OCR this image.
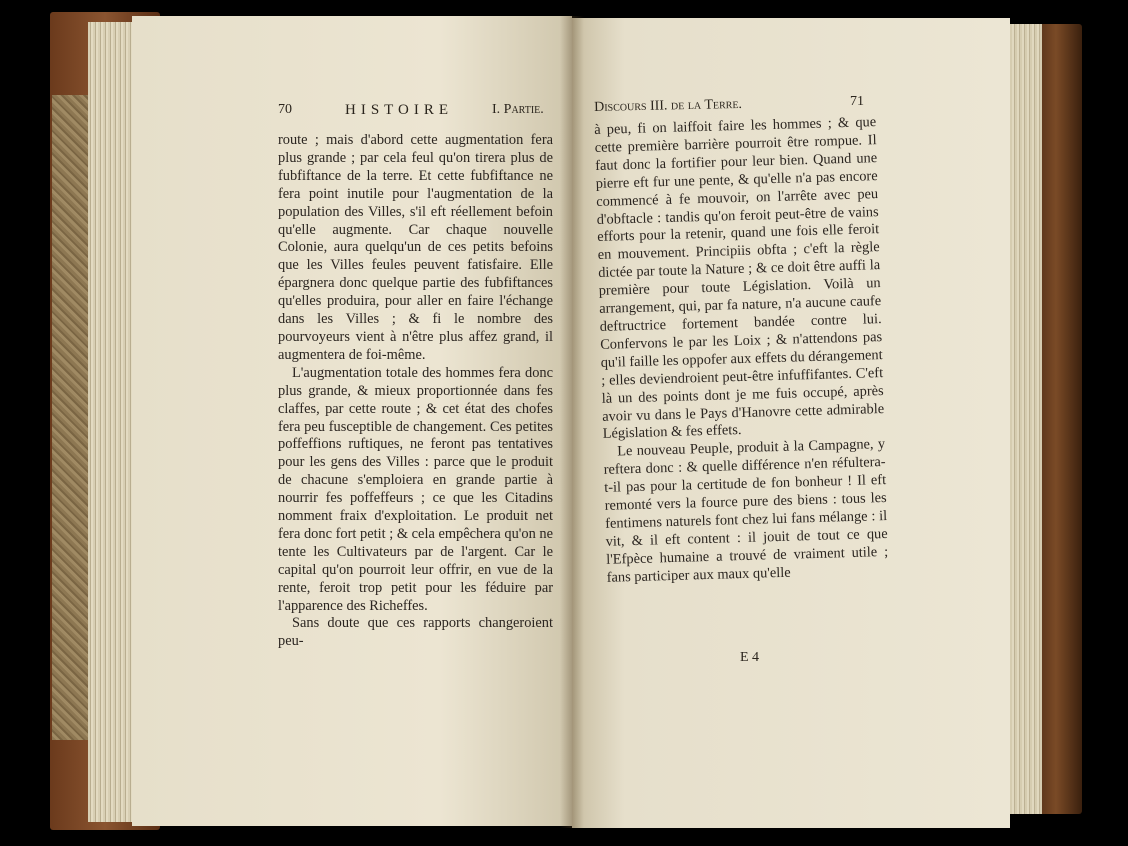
70	HISTOIRE	I. Partie.

route ; mais d'abord cette augmentation fera plus grande ; par cela feul qu'on tirera plus de fubfiftance de la terre. Et cette fubfiftance ne fera point inutile pour l'augmentation de la population des Villes, s'il eft réellement befoin qu'elle augmente. Car chaque nouvelle Colonie, aura quelqu'un de ces petits befoins que les Villes feules peuvent fatisfaire. Elle épargnera donc quelque partie des fubfiftances qu'elles produira, pour aller en faire l'échange dans les Villes ; & fi le nombre des pourvoyeurs vient à n'être plus affez grand, il augmentera de foi-même.

L'augmentation totale des hommes fera donc plus grande, & mieux proportionnée dans fes claffes, par cette route ; & cet état des chofes fera peu fusceptible de changement. Ces petites poffeffions ruftiques, ne feront pas tentatives pour les gens des Villes : parce que le produit de chacune s'emploiera en grande partie à nourrir fes poffeffeurs ; ce que les Citadins nomment fraix d'exploitation. Le produit net fera donc fort petit ; & cela empêchera qu'on ne tente les Cultivateurs par de l'argent. Car le capital qu'on pourroit leur offrir, en vue de la rente, feroit trop petit pour les féduire par l'apparence des Richeffes.

Sans doute que ces rapports changeroient peu-

Discours III. de la Terre.	71

à peu, fi on laiffoit faire les hommes ; & que cette première barrière pourroit être rompue. Il faut donc la fortifier pour leur bien. Quand une pierre eft fur une pente, & qu'elle n'a pas encore commencé à fe mouvoir, on l'arrête avec peu d'obftacle : tandis qu'on feroit peut-être de vains efforts pour la retenir, quand une fois elle feroit en mouvement. Principiis obfta ; c'eft la règle dictée par toute la Nature ; & ce doit être auffi la première pour toute Législation. Voilà un arrangement, qui, par fa nature, n'a aucune caufe deftructrice fortement bandée contre lui. Confervons le par les Loix ; & n'attendons pas qu'il faille les oppofer aux effets du dérangement ; elles deviendroient peut-être infuffifantes. C'eft là un des points dont je me fuis occupé, après avoir vu dans le Pays d'Hanovre cette admirable Législation & fes effets.

Le nouveau Peuple, produit à la Campagne, y reftera donc : & quelle différence n'en réfultera-t-il pas pour la certitude de fon bonheur ! Il eft remonté vers la fource pure des biens : tous les fentimens naturels font chez lui fans mélange : il vit, & il eft content : il jouit de tout ce que l'Efpèce humaine a trouvé de vraiment utile ; fans participer aux maux qu'elle

E 4
